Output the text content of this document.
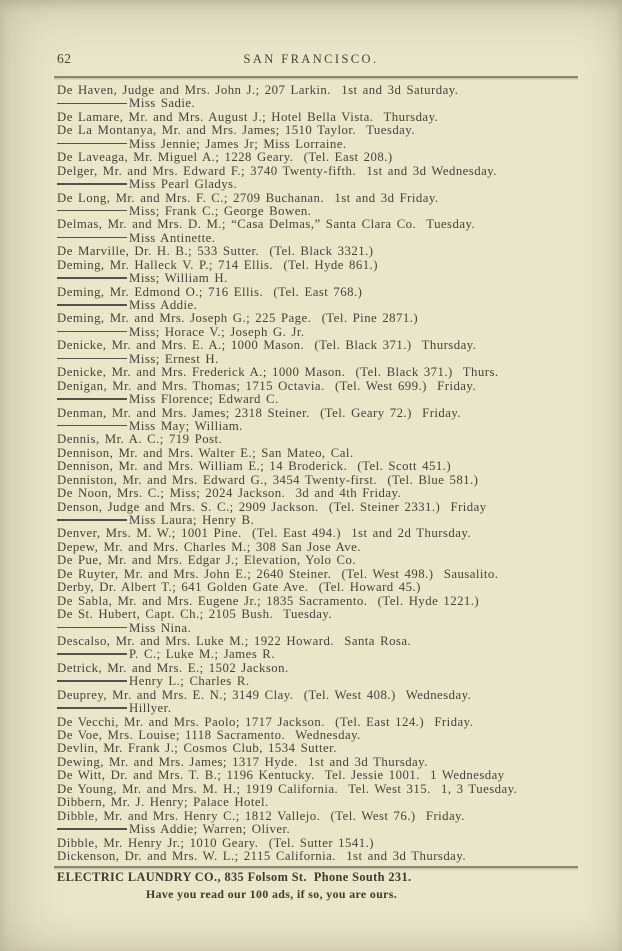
62	SAN FRANCISCO.
De Haven, Judge and Mrs. John J.; 207 Larkin.  1st and 3d Saturday.
Miss Sadie.
De Lamare, Mr. and Mrs. August J.; Hotel Bella Vista.  Thursday.
De La Montanya, Mr. and Mrs. James; 1510 Taylor.  Tuesday.
Miss Jennie; James Jr; Miss Lorraine.
De Laveaga, Mr. Miguel A.; 1228 Geary.  (Tel. East 208.)
Delger, Mr. and Mrs. Edward F.; 3740 Twenty-fifth.  1st and 3d Wednesday.
Miss Pearl Gladys.
De Long, Mr. and Mrs. F. C.; 2709 Buchanan.  1st and 3d Friday.
Miss; Frank C.; George Bowen.
Delmas, Mr. and Mrs. D. M.; “Casa Delmas,” Santa Clara Co.  Tuesday.
Miss Antinette.
De Marville, Dr. H. B.; 533 Sutter.  (Tel. Black 3321.)
Deming, Mr. Halleck V. P.; 714 Ellis.  (Tel. Hyde 861.)
Miss; William H.
Deming, Mr. Edmond O.; 716 Ellis.  (Tel. East 768.)
Miss Addie.
Deming, Mr. and Mrs. Joseph G.; 225 Page.  (Tel. Pine 2871.)
Miss; Horace V.; Joseph G. Jr.
Denicke, Mr. and Mrs. E. A.; 1000 Mason.  (Tel. Black 371.)  Thursday.
Miss; Ernest H.
Denicke, Mr. and Mrs. Frederick A.; 1000 Mason.  (Tel. Black 371.)  Thurs.
Denigan, Mr. and Mrs. Thomas; 1715 Octavia.  (Tel. West 699.)  Friday.
Miss Florence; Edward C.
Denman, Mr. and Mrs. James; 2318 Steiner.  (Tel. Geary 72.)  Friday.
Miss May; William.
Dennis, Mr. A. C.; 719 Post.
Dennison, Mr. and Mrs. Walter E.; San Mateo, Cal.
Dennison, Mr. and Mrs. William E.; 14 Broderick.  (Tel. Scott 451.)
Denniston, Mr. and Mrs. Edward G., 3454 Twenty-first.  (Tel. Blue 581.)
De Noon, Mrs. C.; Miss; 2024 Jackson.  3d and 4th Friday.
Denson, Judge and Mrs. S. C.; 2909 Jackson.  (Tel. Steiner 2331.)  Friday
Miss Laura; Henry B.
Denver, Mrs. M. W.; 1001 Pine.  (Tel. East 494.)  1st and 2d Thursday.
Depew, Mr. and Mrs. Charles M.; 308 San Jose Ave.
De Pue, Mr. and Mrs. Edgar J.; Elevation, Yolo Co.
De Ruyter, Mr. and Mrs. John E.; 2640 Steiner.  (Tel. West 498.)  Sausalito.
Derby, Dr. Albert T.; 641 Golden Gate Ave.  (Tel. Howard 45.)
De Sabla, Mr. and Mrs. Eugene Jr.; 1835 Sacramento.  (Tel. Hyde 1221.)
De St. Hubert, Capt. Ch.; 2105 Bush.  Tuesday.
Miss Nina.
Descalso, Mr. and Mrs. Luke M.; 1922 Howard.  Santa Rosa.
P. C.; Luke M.; James R.
Detrick, Mr. and Mrs. E.; 1502 Jackson.
Henry L.; Charles R.
Deuprey, Mr. and Mrs. E. N.; 3149 Clay.  (Tel. West 408.)  Wednesday.
Hillyer.
De Vecchi, Mr. and Mrs. Paolo; 1717 Jackson.  (Tel. East 124.)  Friday.
De Voe, Mrs. Louise; 1118 Sacramento.  Wednesday.
Devlin, Mr. Frank J.; Cosmos Club, 1534 Sutter.
Dewing, Mr. and Mrs. James; 1317 Hyde.  1st and 3d Thursday.
De Witt, Dr. and Mrs. T. B.; 1196 Kentucky.  Tel. Jessie 1001.  1 Wednesday
De Young, Mr. and Mrs. M. H.; 1919 California.  Tel. West 315.  1, 3 Tuesday.
Dibbern, Mr. J. Henry; Palace Hotel.
Dibble, Mr. and Mrs. Henry C.; 1812 Vallejo.  (Tel. West 76.)  Friday.
Miss Addie; Warren; Oliver.
Dibble, Mr. Henry Jr.; 1010 Geary.  (Tel. Sutter 1541.)
Dickenson, Dr. and Mrs. W. L.; 2115 California.  1st and 3d Thursday.
ELECTRIC LAUNDRY CO., 835 Folsom St.  Phone South 231.
Have you read our 100 ads, if so, you are ours.
